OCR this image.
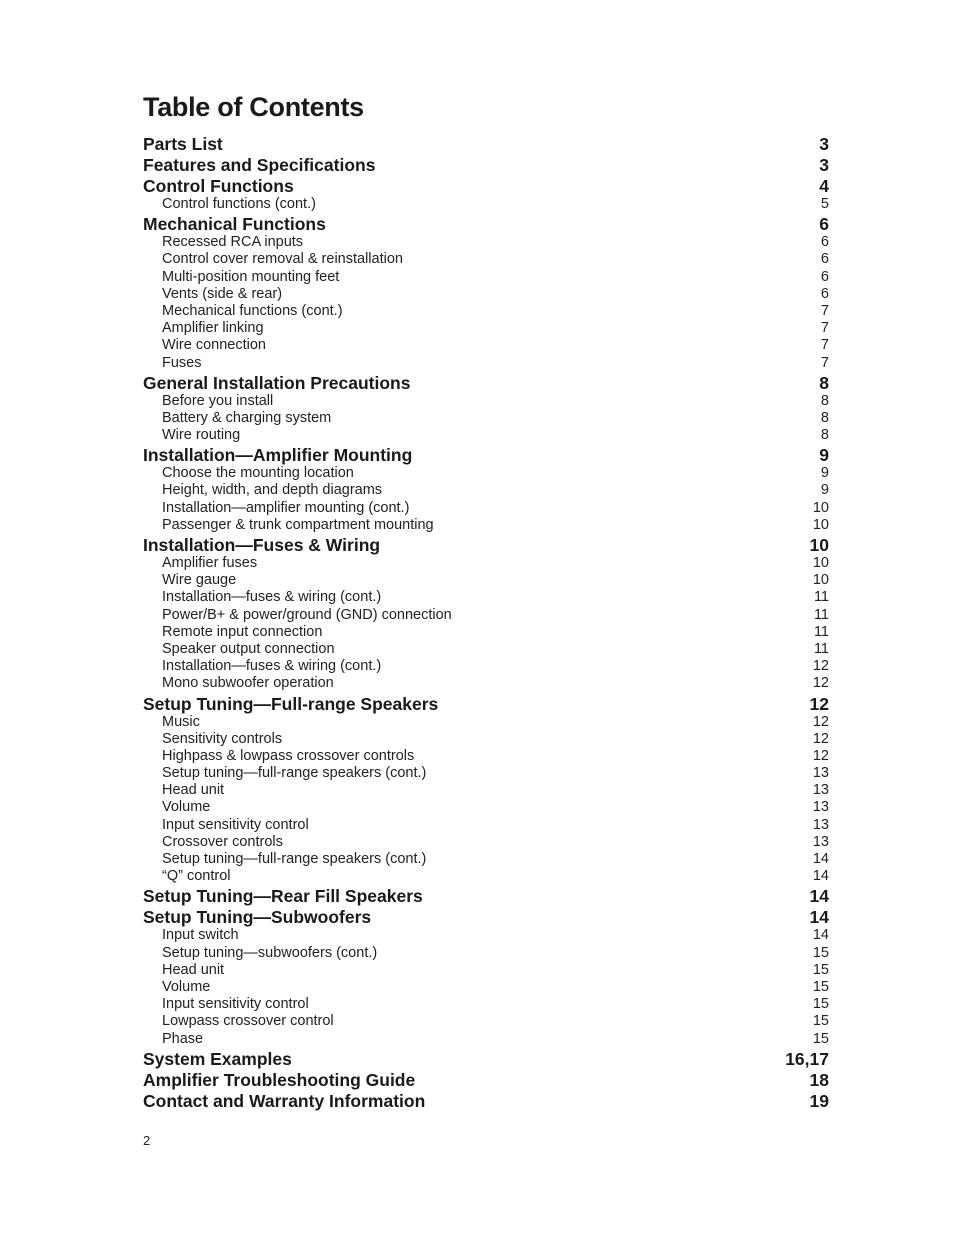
Table of Contents
Parts List	3
Features and Specifications	3
Control Functions	4
Control functions (cont.)	5
Mechanical Functions	6
Recessed RCA inputs	6
Control cover removal & reinstallation	6
Multi-position mounting feet	6
Vents (side & rear)	6
Mechanical functions (cont.)	7
Amplifier linking	7
Wire connection	7
Fuses	7
General Installation Precautions	8
Before you install	8
Battery & charging system	8
Wire routing	8
Installation—Amplifier Mounting	9
Choose the mounting location	9
Height, width, and depth diagrams	9
Installation—amplifier mounting (cont.)	10
Passenger & trunk compartment mounting	10
Installation—Fuses & Wiring	10
Amplifier fuses	10
Wire gauge	10
Installation—fuses & wiring (cont.)	11
Power/B+ & power/ground (GND) connection	11
Remote input connection	11
Speaker output connection	11
Installation—fuses & wiring (cont.)	12
Mono subwoofer operation	12
Setup Tuning—Full-range Speakers	12
Music	12
Sensitivity controls	12
Highpass & lowpass crossover controls	12
Setup tuning—full-range speakers (cont.)	13
Head unit	13
Volume	13
Input sensitivity control	13
Crossover controls	13
Setup tuning—full-range speakers (cont.)	14
“Q” control	14
Setup Tuning—Rear Fill Speakers	14
Setup Tuning—Subwoofers	14
Input switch	14
Setup tuning—subwoofers (cont.)	15
Head unit	15
Volume	15
Input sensitivity control	15
Lowpass crossover control	15
Phase	15
System Examples	16,17
Amplifier Troubleshooting Guide	18
Contact and Warranty Information	19
2
